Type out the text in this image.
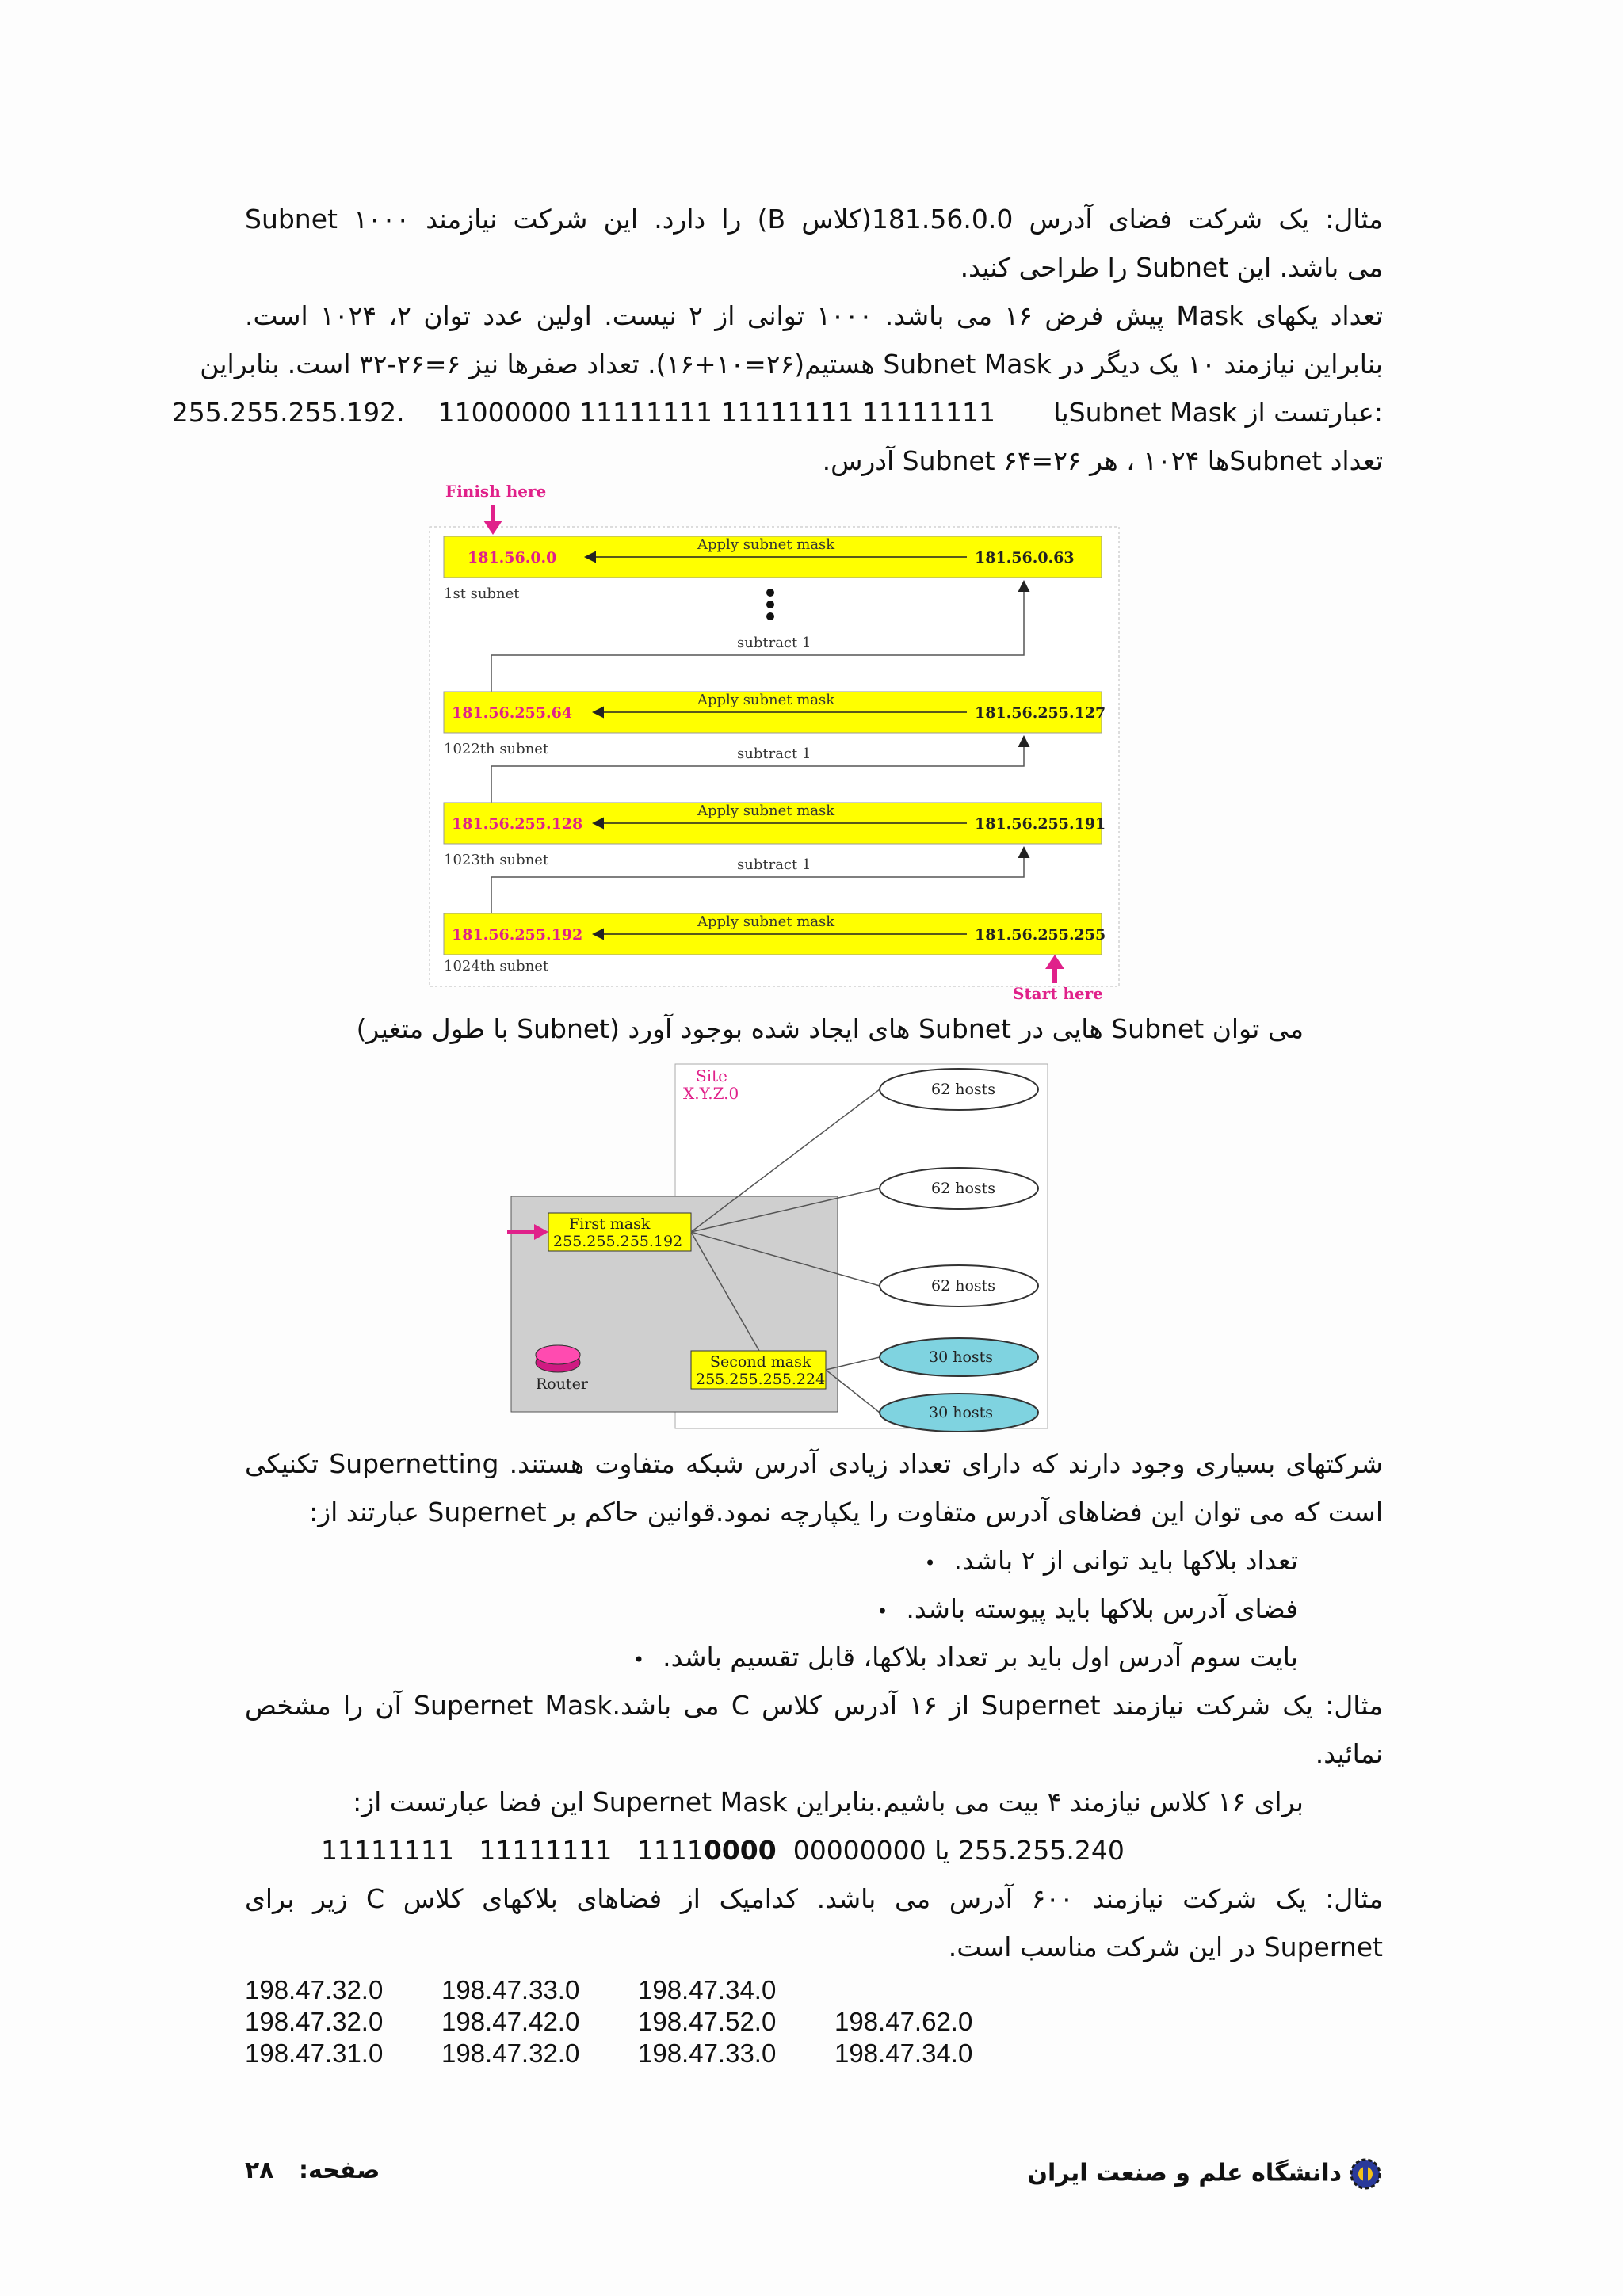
مثال: یک شرکت فضای آدرس 181.56.0.0(کلاس B) را دارد. این شرکت نیازمند ۱۰۰۰ Subnet
می باشد. این Subnet را طراحی کنید.
تعداد یکهای Mask پیش فرض ۱۶ می باشد. ۱۰۰۰ توانی از ۲ نیست. اولین عدد توان ۲، ۱۰۲۴ است.
بنابراین نیازمند ۱۰ یک دیگر در Subnet Mask هستیم(۲۶=۱۰+۱۶). تعداد صفرها نیز ۶=۲۶-۳۲ است. بنابراین
255.255.255.192.	یا       11111111 11111111 11111111 11000000	Subnet Mask عبارتست از:
تعداد Subnetها ۱۰۲۴ ، هر Subnet ۶۴=۲۶ آدرس.
Finish here
181.56.0.0	181.56.0.63
Apply subnet mask
1st subnet
subtract 1
181.56.255.64	181.56.255.127
Apply subnet mask
1022th subnet	subtract 1
181.56.255.128	181.56.255.191
Apply subnet mask
1023th subnet	subtract 1
181.56.255.192	181.56.255.255
Apply subnet mask
1024th subnet
Start here
می توان Subnet هایی در Subnet های ایجاد شده بوجود آورد (Subnet با طول متغیر)
Site
X.Y.Z.0
First mask
255.255.255.192
Second mask
255.255.255.224
Router
62 hosts
62 hosts
62 hosts
30 hosts
30 hosts
شرکتهای بسیاری وجود دارند که دارای تعداد زیادی آدرس شبکه متفاوت هستند. Supernetting تکنیکی
است که می توان این فضاهای آدرس متفاوت را یکپارچه نمود.قوانین حاکم بر Supernet عبارتند از:
تعداد بلاکها باید توانی از ۲ باشد.•
فضای آدرس بلاکها باید پیوسته باشد.•
بایت سوم آدرس اول باید بر تعداد بلاکها، قابل تقسیم باشد.•
مثال: یک شرکت نیازمند Supernet از ۱۶ آدرس کلاس C می باشد.Supernet Mask آن را مشخص
نمائید.
برای ۱۶ کلاس نیازمند ۴ بیت می باشیم.بنابراین Supernet Mask این فضا عبارتست از:
11111111   11111111   11110000  00000000 255.255.240 یا
مثال: یک شرکت نیازمند ۶۰۰ آدرس می باشد. کدامیک از فضاهای بلاکهای کلاس C زیر برای
Supernet در این شرکت مناسب است.
198.47.32.0	198.47.33.0	198.47.34.0	
198.47.32.0	198.47.42.0	198.47.52.0	198.47.62.0
198.47.31.0	198.47.32.0	198.47.33.0	198.47.34.0
دانشگاه علم و صنعت ایران
صفحه:   ۲۸
